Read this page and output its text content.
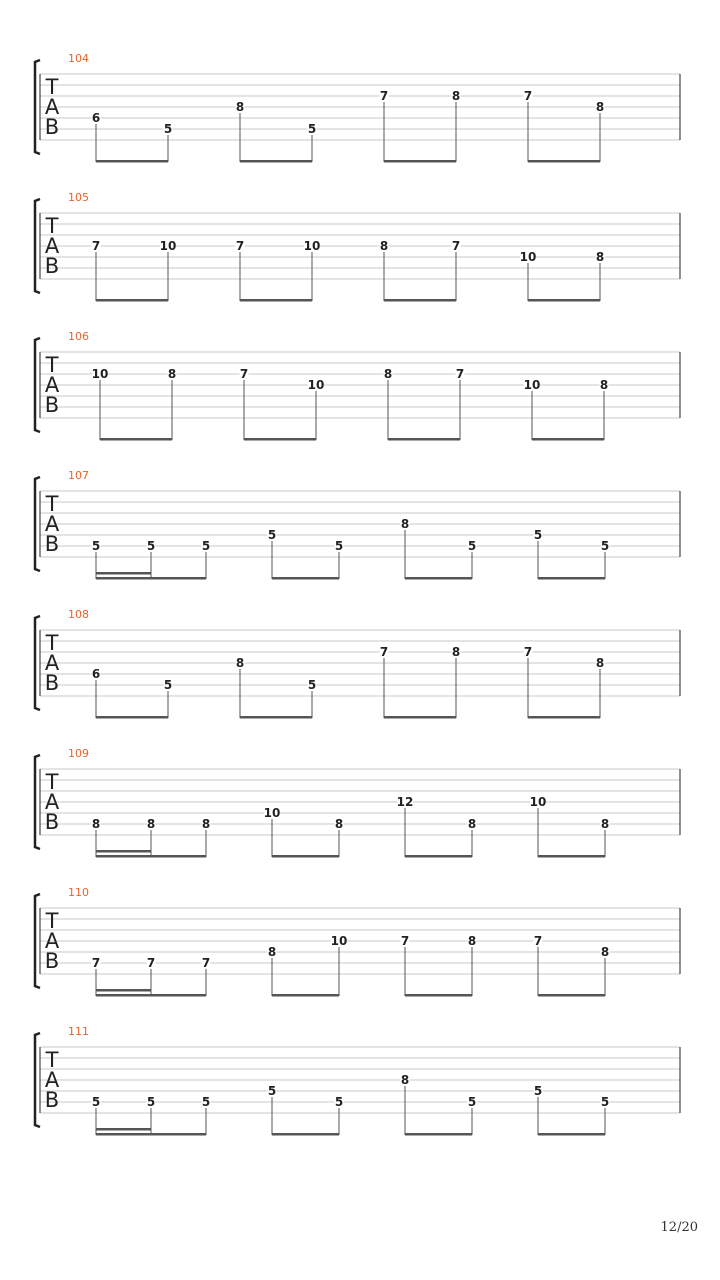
104
T
A
B	6
5
8
5
7	8	7
8
105
T
A
B
7	10	7	10	8	7
10	8
106
T
A
B
10	8	7
10
8	7
10	8
107
T
A
B	5	5	5
5
5
8
5
5
5
108
T
A
B	6
5
8
5
7	8	7
8
109
T
A
B	8	8	8
10
8
12
8
10
8
110
T
A
B	7	7	7
8
10	7	8	7
8
111
T
A
B	5	5	5
5
5
8
5
5
5
12/20
